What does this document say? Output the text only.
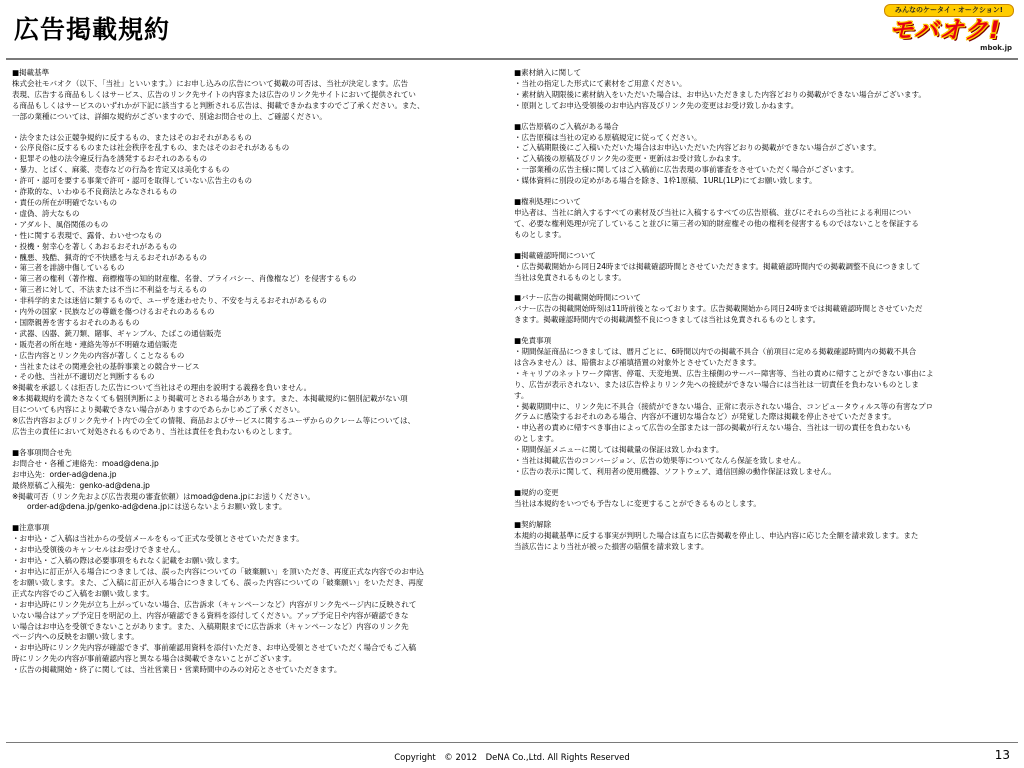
広告掲載規約
みんなのケータイ・オークション!
モバオク!
mbok.jp
■掲載基準

株式会社モバオク（以下、「当社」といいます。）にお申し込みの広告について掲載の可否は、当社が決定します。広告
表現、広告する商品もしくはサービス、広告のリンク先サイトの内容または広告のリンク先サイトにおいて提供されてい
る商品もしくはサービスのいずれかが下記に該当すると判断される広告は、掲載できかねますのでご了承ください。また、
一部の業種については、詳細な規約がございますので、別途お問合せの上、ご確認ください。

・法令または公正競争規約に反するもの、またはそのおそれがあるもの
・公序良俗に反するものまたは社会秩序を乱すもの、またはそのおそれがあるもの
・犯罪その他の法令違反行為を誘発するおそれのあるもの
・暴力、とばく、麻薬、売春などの行為を肯定又は美化するもの
・許可・認可を要する事業で許可・認可を取得していない広告主のもの
・詐欺的な、いわゆる不良商法とみなされるもの
・責任の所在が明確でないもの
・虚偽、誇大なもの
・アダルト、風俗関係のもの
・性に関する表現で、露骨、わいせつなもの
・投機・射幸心を著しくあおるおそれがあるもの
・醜悪、残酷、猟奇的で不快感を与えるおそれがあるもの
・第三者を誹謗中傷しているもの
・第三者の権利（著作権、商標権等の知的財産権、名誉、プライバシー、肖像権など）を侵害するもの
・第三者に対して、不法または不当に不利益を与えるもの
・非科学的または迷信に類するもので、ユーザを迷わせたり、不安を与えるおそれがあるもの
・内外の国家・民族などの尊厳を傷つけるおそれのあるもの
・国際親善を害するおそれのあるもの
・武器、凶器、銃刀類、賭事、ギャンブル、たばこの通信販売
・販売者の所在地・連絡先等が不明確な通信販売
・広告内容とリンク先の内容が著しくことなるもの
・当社またはその関連会社の基幹事業との競合サービス
・その他、当社が不適切だと判断するもの
※掲載を承認しくは拒否した広告について当社はその理由を説明する義務を負いません。
※本掲載規約を満たさなくても個別判断により掲載可とされる場合があります。また、本掲載規約に個別記載がない項
目についても内容により掲載できない場合がありますのであらかじめご了承ください。
※広告内容およびリンク先サイト内での全ての情報、商品およびサービスに関するユーザからのクレーム等については、
広告主の責任において対処されるものであり、当社は責任を負わないものとします。

■各事項問合せ先

お問合せ・各種ご連絡先：moad@dena.jp
お申込先：order-ad@dena.jp
最終原稿ご入稿先：genko-ad@dena.jp
※掲載可否（リンク先および広告表現の審査依頼）はmoad@dena.jpにお送りください。
　　order-ad@dena.jp/genko-ad@dena.jpには送らないようお願い致します。

■注意事項

・お申込・ご入稿は当社からの受信メールをもって正式な受領とさせていただきます。
・お申込受領後のキャンセルはお受けできません。
・お申込・ご入稿の際は必要事項をもれなく記載をお願い致します。
・お申込に訂正が入る場合につきましては、誤った内容についての「破棄願い」を頂いただき、再度正式な内容でのお申込
をお願い致します。また、ご入稿に訂正が入る場合につきましても、誤った内容についての「破棄願い」をいただき、再度
正式な内容でのご入稿をお願い致します。
・お申込時にリンク先が立ち上がっていない場合、広告訴求（キャンペーンなど）内容がリンク先ページ内に反映されて
いない場合はアップ予定日を明記の上、内容が確認できる資料を添付してください。アップ予定日や内容が確認できな
い場合はお申込を受領できないことがあります。また、入稿期限までに広告訴求（キャンペーンなど）内容のリンク先
ページ内への反映をお願い致します。
・お申込時にリンク先内容が確認できず、事前確認用資料を添付いただき、お申込受領とさせていただく場合でもご入稿
時にリンク先の内容が事前確認内容と異なる場合は掲載できないことがございます。
・広告の掲載開始・終了に関しては、当社営業日・営業時間中のみの対応とさせていただきます。

■素材納入に関して

・当社の指定した形式にて素材をご用意ください。
・素材納入期限後に素材納入をいただいた場合は、お申込いただきました内容どおりの掲載ができない場合がございます。
・原則としてお申込受領後のお申込内容及びリンク先の変更はお受け致しかねます。

■広告原稿のご入稿がある場合

・広告原稿は当社の定める原稿規定に従ってください。
・ご入稿期限後にご入稿いただいた場合はお申込いただいた内容どおりの掲載ができない場合がございます。
・ご入稿後の原稿及びリンク先の変更・更新はお受け致しかねます。
・一部業種の広告主様に関してはご入稿前に広告表現の事前審査をさせていただく場合がございます。
・媒体資料に別段の定めがある場合を除き、1枠1原稿、1URL(1LP)にてお願い致します。

■権利処理について

申込者は、当社に納入するすべての素材及び当社に入稿するすべての広告原稿、並びにそれらの当社による利用につい
て、必要な権利処理が完了していること並びに第三者の知的財産権その他の権利を侵害するものではないことを保証する
ものとします。

■掲載確認時間について

・広告掲載開始から同日24時までは掲載確認時間とさせていただきます。掲載確認時間内での掲載調整不良につきまして
当社は免責されるものとします。

■バナー広告の掲載開始時間について

バナー広告の掲載開始時刻は11時前後となっております。広告掲載開始から同日24時までは掲載確認時間とさせていただ
きます。掲載確認時間内での掲載調整不良につきましては当社は免責されるものとします。

■免責事項

・期間保証商品につきましては、暦月ごとに、6時間以内での掲載不具合（前項目に定める掲載確認時間内の掲載不具合
は含みません）は、賠償および補填措置の対象外とさせていただきます。
・キャリアのネットワーク障害、停電、天変地異、広告主様側のサーバー障害等、当社の責めに帰すことができない事由によ
り、広告が表示されない、または広告枠よりリンク先への接続ができない場合には当社は一切責任を負わないものとしま
す。
・掲載期間中に、リンク先に不具合（接続ができない場合、正常に表示されない場合、コンピュータウィルス等の有害なプロ
グラムに感染するおそれのある場合、内容が不適切な場合など）が発覚した際は掲載を停止させていただきます。
・申込者の責めに帰すべき事由によって広告の全部または一部の掲載が行えない場合、当社は一切の責任を負わないも
のとします。
・期間保証メニューに関しては掲載量の保証は致しかねます。
・当社は掲載広告のコンバージョン、広告の効果等についてなんら保証を致しません。
・広告の表示に関して、利用者の使用機器、ソフトウェア、通信回線の動作保証は致しません。

■規約の変更

当社は本規約をいつでも予告なしに変更することができるものとします。

■契約解除

本規約の掲載基準に反する事実が判明した場合は直ちに広告掲載を停止し、申込内容に応じた全額を請求致します。また
当該広告により当社が被った損害の賠償を請求致します。

Copyright　© 2012　DeNA Co.,Ltd. All Rights Reserved	13
